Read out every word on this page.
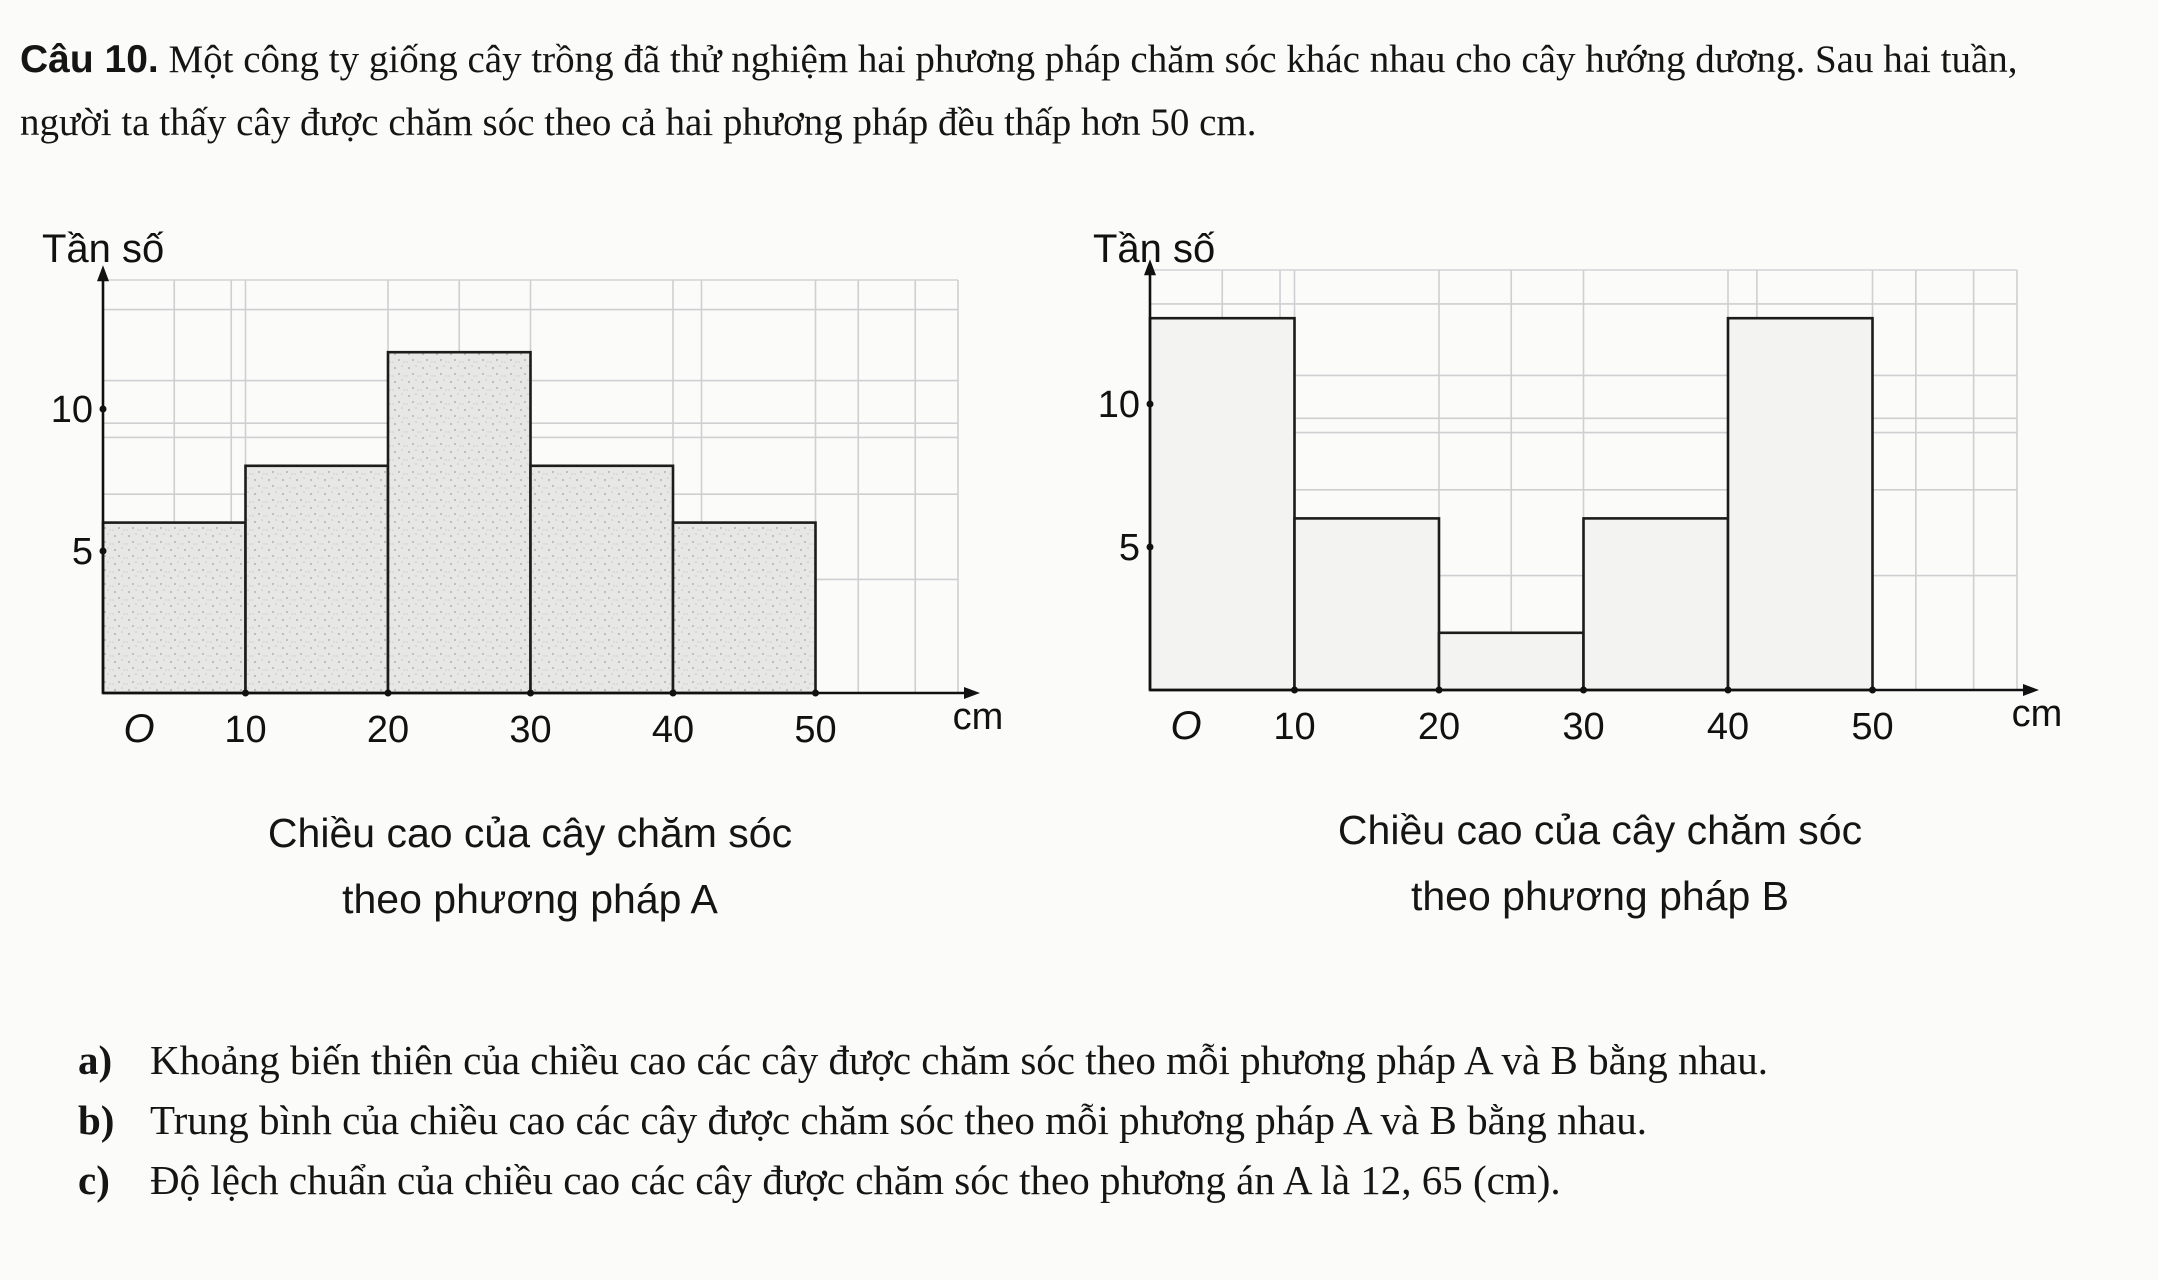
Câu 10. Một công ty giống cây trồng đã thử nghiệm hai phương pháp chăm sóc khác nhau cho cây hướng dương. Sau hai tuần, người ta thấy cây được chăm sóc theo cả hai phương pháp đều thấp hơn 50 cm.
10	20	30	40	50
5
10
O	cm
Tần số
10	20	30	40	50
5
10
O	cm
Tần số
Chiều cao của cây chăm sóc
theo phương pháp A
Chiều cao của cây chăm sóc
theo phương pháp B
a) Khoảng biến thiên của chiều cao các cây được chăm sóc theo mỗi phương pháp A và B bằng nhau.
b) Trung bình của chiều cao các cây được chăm sóc theo mỗi phương pháp A và B bằng nhau.
c) Độ lệch chuẩn của chiều cao các cây được chăm sóc theo phương án A là 12, 65 (cm).
